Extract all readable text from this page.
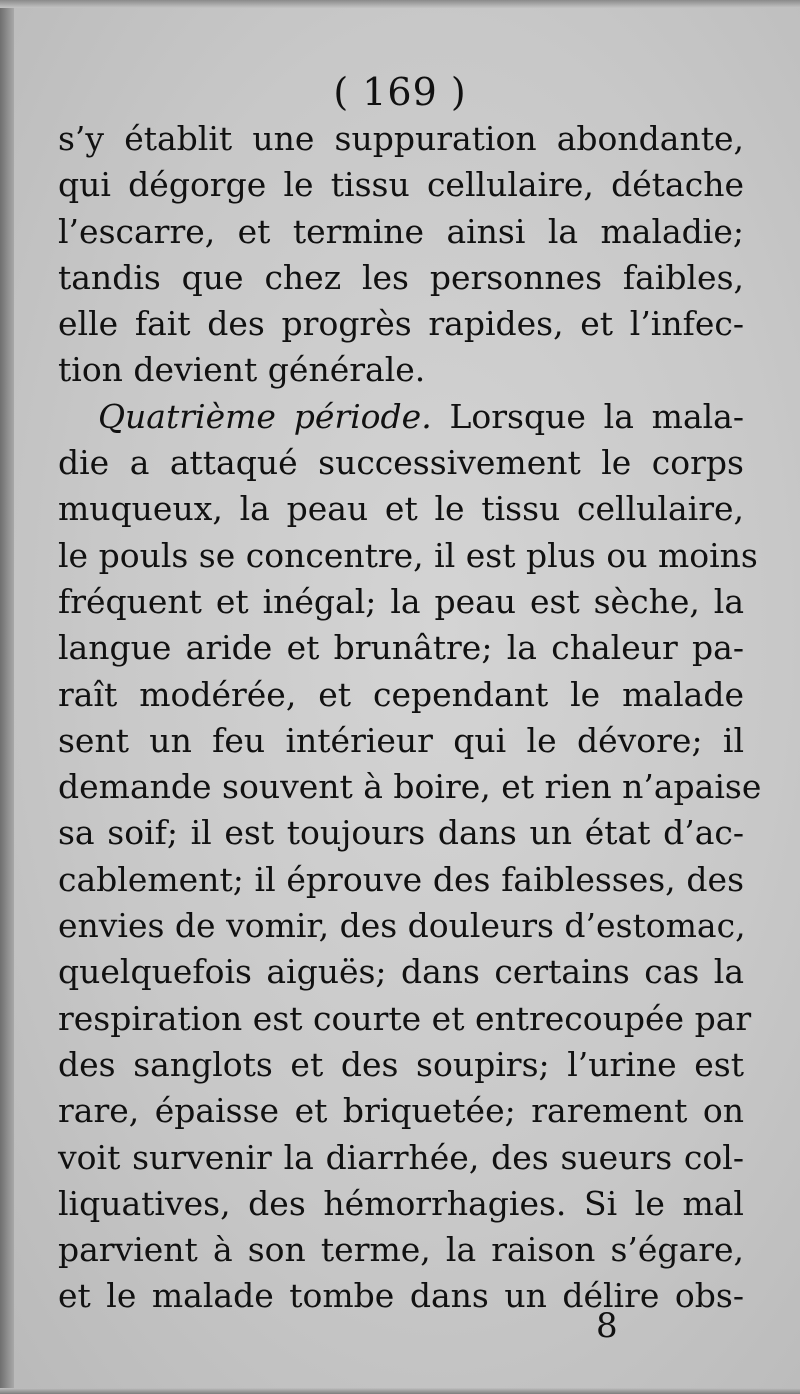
( 169 )
s’y établit une suppuration abondante,
qui dégorge le tissu cellulaire, détache
l’escarre, et termine ainsi la maladie;
tandis que chez les personnes faibles,
elle fait des progrès rapides, et l’infec-
tion devient générale.
Quatrième période. Lorsque la mala-
die a attaqué successivement le corps
muqueux, la peau et le tissu cellulaire,
le pouls se concentre, il est plus ou moins
fréquent et inégal; la peau est sèche, la
langue aride et brunâtre; la chaleur pa-
raît modérée, et cependant le malade
sent un feu intérieur qui le dévore; il
demande souvent à boire, et rien n’apaise
sa soif; il est toujours dans un état d’ac-
cablement; il éprouve des faiblesses, des
envies de vomir, des douleurs d’estomac,
quelquefois aiguës; dans certains cas la
respiration est courte et entrecoupée par
des sanglots et des soupirs; l’urine est
rare, épaisse et briquetée; rarement on
voit survenir la diarrhée, des sueurs col-
liquatives, des hémorrhagies. Si le mal
parvient à son terme, la raison s’égare,
et le malade tombe dans un délire obs-
8
